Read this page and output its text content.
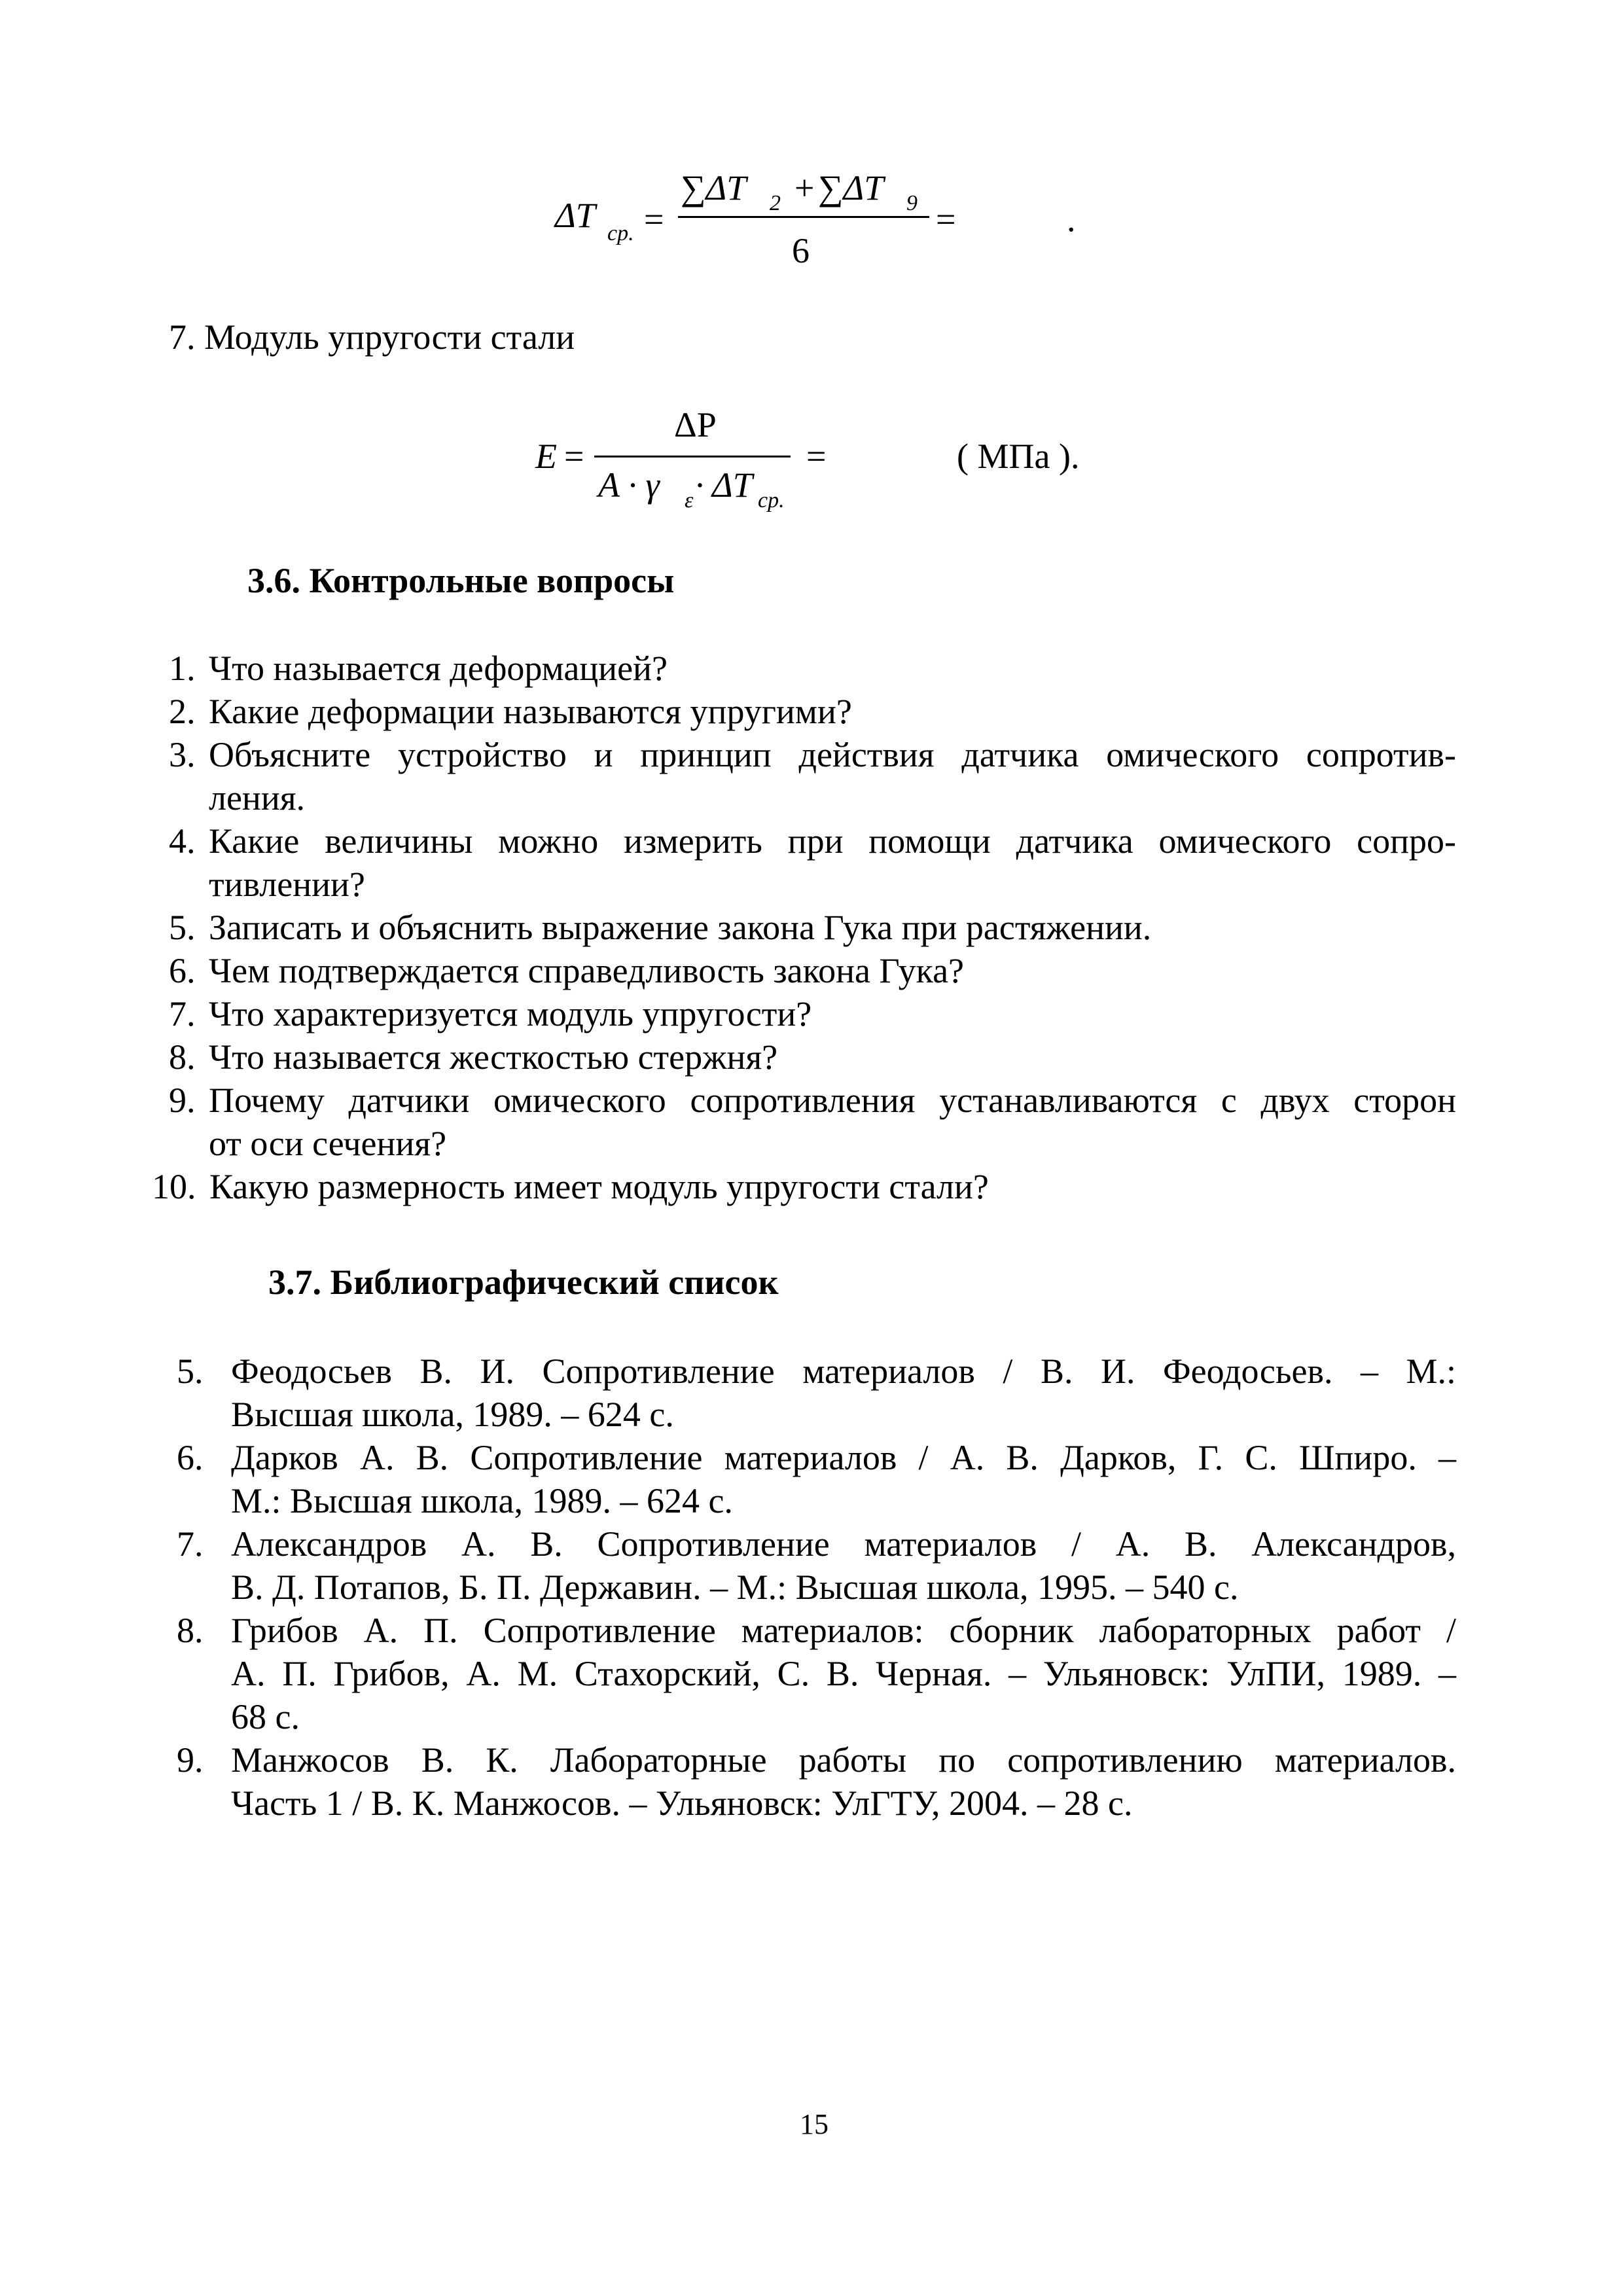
ΔT ср. =
∑ΔT 2 + ∑ΔT 9
6
=	.
7. Модуль упругости стали
E =
ΔP
A · γ ε · ΔT ср.
=	( МПа ).
3.6. Контрольные вопросы
1. Что называется деформацией?
2. Какие деформации называются упругими?
3. Объясните устройство и принцип действия датчика омического сопротив-
ления.
4. Какие величины можно измерить при помощи датчика омического сопро-
тивлении?
5. Записать и объяснить выражение закона Гука при растяжении.
6. Чем подтверждается справедливость закона Гука?
7. Что характеризуется модуль упругости?
8. Что называется жесткостью стержня?
9. Почему датчики омического сопротивления устанавливаются с двух сторон
от оси сечения?
10. Какую размерность имеет модуль упругости стали?
3.7. Библиографический список
5. Феодосьев В. И. Сопротивление материалов / В. И. Феодосьев. – М.:
Высшая школа, 1989. – 624 с.
6. Дарков А. В. Сопротивление материалов / А. В. Дарков, Г. С. Шпиро. –
М.: Высшая школа, 1989. – 624 с.
7. Александров А. В. Сопротивление материалов / А. В. Александров,
В. Д. Потапов, Б. П. Державин. – М.: Высшая школа, 1995. – 540 с.
8. Грибов А. П. Сопротивление материалов: сборник лабораторных работ /
А. П. Грибов, А. М. Стахорский, С. В. Черная. – Ульяновск: УлПИ, 1989. –
68 с.
9. Манжосов В. К. Лабораторные работы по сопротивлению материалов.
Часть 1 / В. К. Манжосов. – Ульяновск: УлГТУ, 2004. – 28 с.
15
